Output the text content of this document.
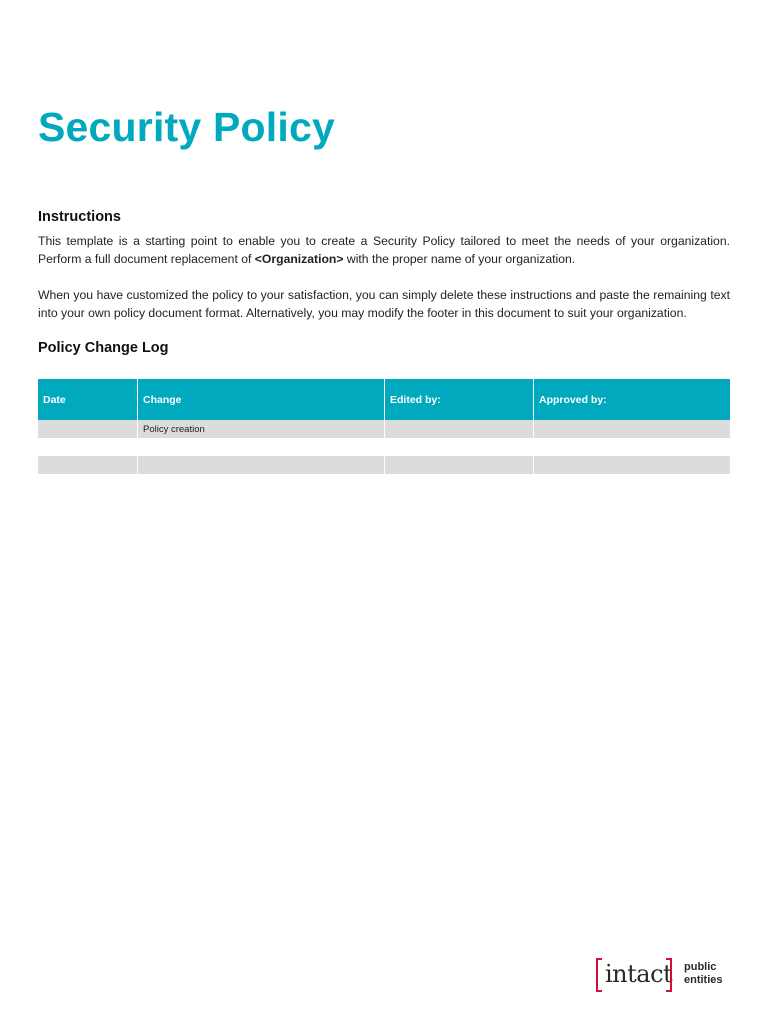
Security Policy
Instructions

This template is a starting point to enable you to create a Security Policy tailored to meet the needs of your organization. Perform a full document replacement of <Organization> with the proper name of your organization.

When you have customized the policy to your satisfaction, you can simply delete these instructions and paste the remaining text into your own policy document format. Alternatively, you may modify the footer in this document to suit your organization.

Policy Change Log
Date	Change	Edited by:	Approved by:
	Policy creation		

intact public
entities
